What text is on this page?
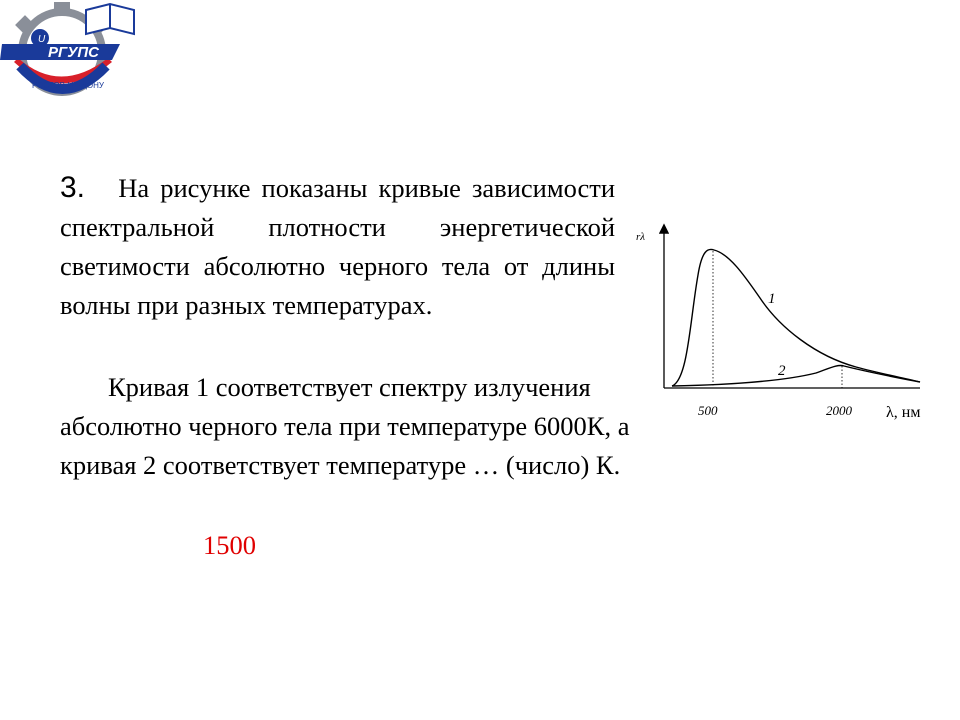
U
РГУПС
РОСТОВ-НА-ДОНУ
3. На рисунке показаны кривые зависимости спектральной плотности энергетической светимости абсолютно черного тела от длины волны при разных температурах.
Кривая 1 соответствует спектру излучения абсолютно черного тела при температуре 6000К, а кривая 2 соответствует температуре … (число) К.
1500
rλ
1
2
500	2000 λ, нм
